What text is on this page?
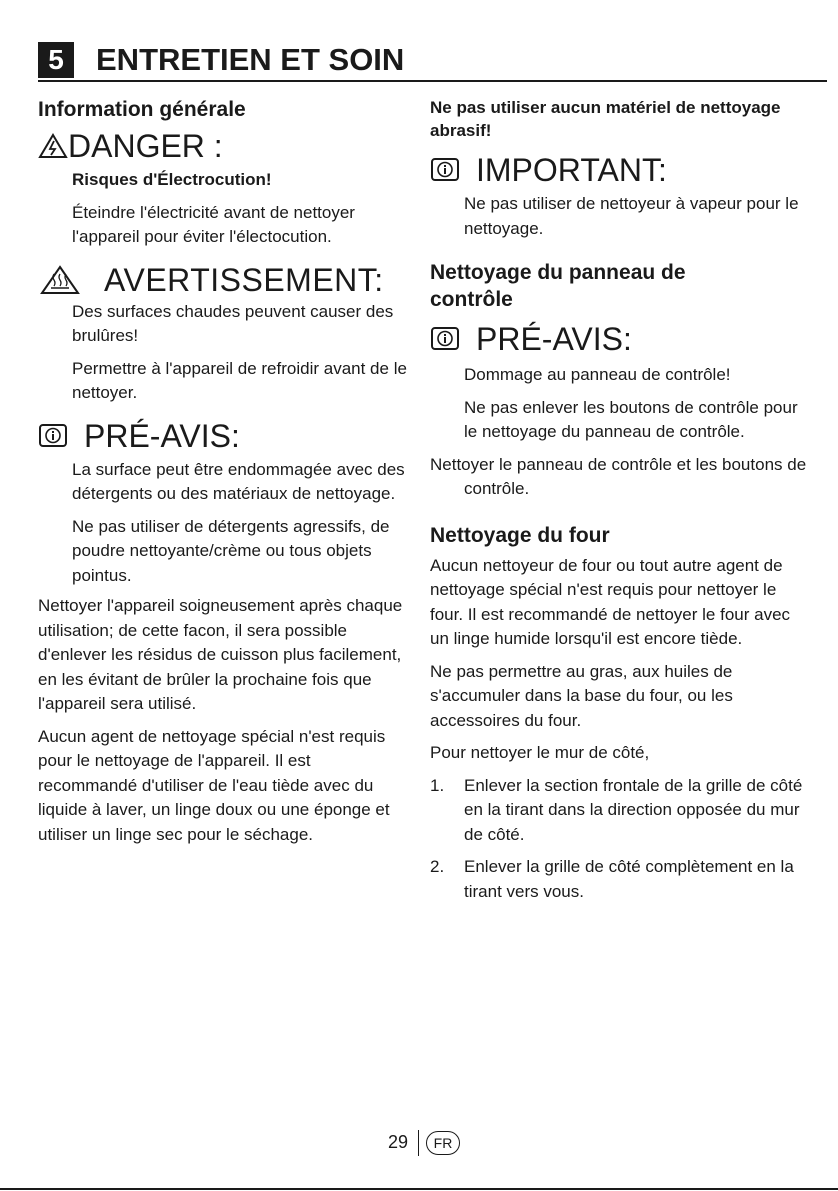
5	ENTRETIEN ET SOIN
Information générale
DANGER :

Risques d'Électrocution!

Éteindre l'électricité avant de nettoyer l'appareil pour éviter l'électocution.

AVERTISSEMENT:

Des surfaces chaudes peuvent causer des brulûres!

Permettre à l'appareil de refroidir avant de le nettoyer.

PRÉ-AVIS:

La surface peut être endommagée avec des détergents ou des matériaux de nettoyage.

Ne pas utiliser de détergents agressifs, de poudre nettoyante/crème ou tous objets pointus.

Nettoyer l'appareil soigneusement après chaque utilisation; de cette facon, il sera possible d'enlever les résidus de cuisson plus facilement, en les évitant de brûler la prochaine fois que l'appareil sera utilisé.

Aucun agent de nettoyage spécial n'est requis pour le nettoyage de l'appareil. Il est recommandé d'utiliser de l'eau tiède avec du liquide à laver, un linge doux ou une éponge et utiliser un linge sec pour le séchage.

Ne pas utiliser aucun matériel de nettoyage abrasif!
IMPORTANT:

Ne pas utiliser de nettoyeur à vapeur pour le nettoyage.

Nettoyage du panneau de contrôle
PRÉ-AVIS:

Dommage au panneau de contrôle!

Ne pas enlever les boutons de contrôle pour le nettoyage du panneau de contrôle.

Nettoyer le panneau de contrôle et les boutons de contrôle.

Nettoyage du four

Aucun nettoyeur de four ou tout autre agent de nettoyage spécial n'est requis pour nettoyer le four. Il est recommandé de nettoyer le four avec un linge humide lorsqu'il est encore tiède.

Ne pas permettre au gras, aux huiles de s'accumuler dans la base du four, ou les accessoires du four.

Pour nettoyer le mur de côté,

1.	Enlever la section frontale de la grille de côté en la tirant dans la direction opposée du mur de côté.
2.	Enlever la grille de côté complètement en la tirant vers vous.
29	FR
